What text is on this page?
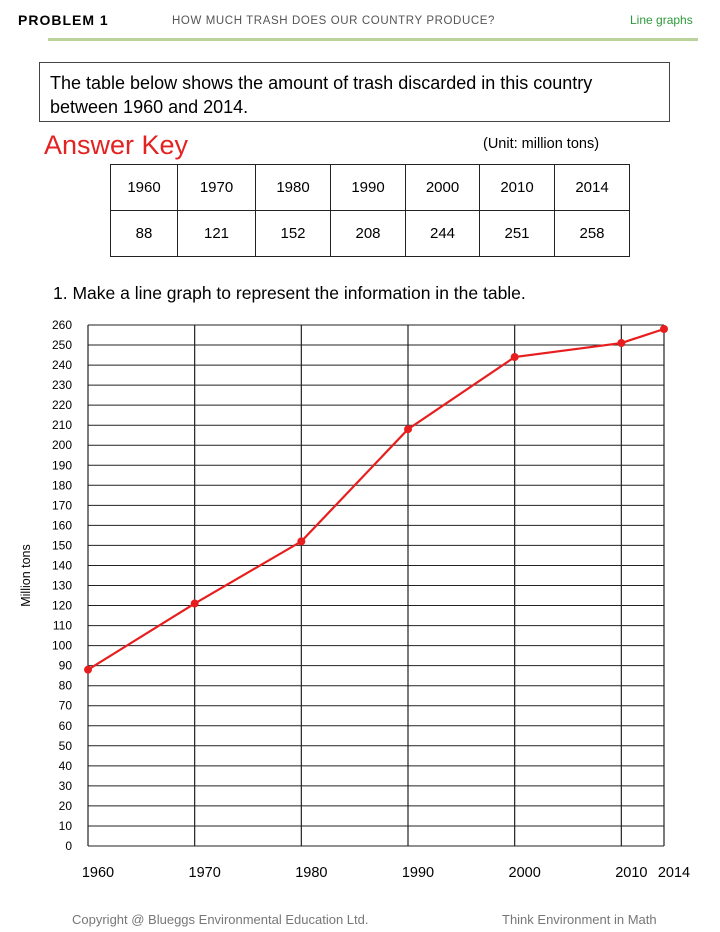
PROBLEM 1	HOW MUCH TRASH DOES OUR COUNTRY PRODUCE?	Line graphs
The table below shows the amount of trash discarded in this country
between 1960 and 2014.
Answer Key	(Unit: million tons)
1960	1970	1980	1990	2000	2010	2014
88	121	152	208	244	251	258
1. Make a line graph to represent the information in the table.
0
10
20
30
40
50
60
70
80
90
100
110
120
130
140
150
160
170
180
190
200
210
220
230
240
250
260
1960	1970	1980	1990	2000	2010 2014
Million tons
Copyright @ Blueggs Environmental Education Ltd.	Think Environment in Math
